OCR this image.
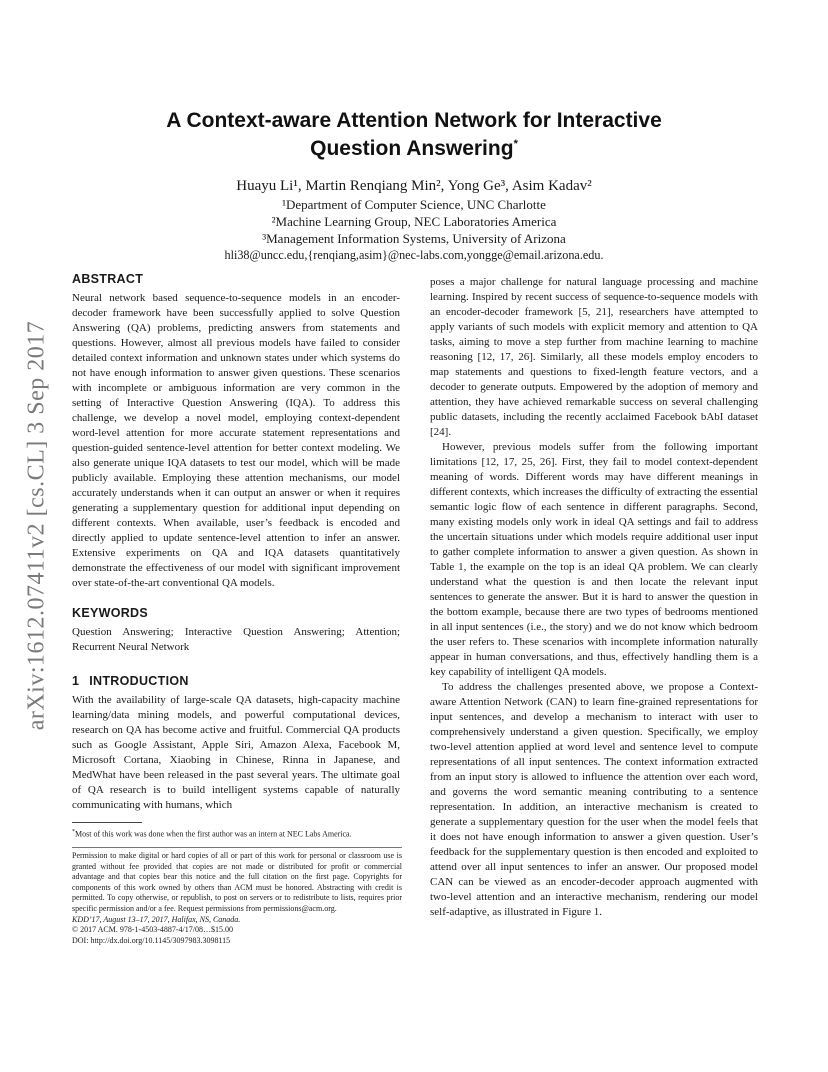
arXiv:1612.07411v2 [cs.CL] 3 Sep 2017
A Context-aware Attention Network for Interactive
Question Answering*
Huayu Li¹, Martin Renqiang Min², Yong Ge³, Asim Kadav²
¹Department of Computer Science, UNC Charlotte
²Machine Learning Group, NEC Laboratories America
³Management Information Systems, University of Arizona
hli38@uncc.edu,{renqiang,asim}@nec-labs.com,yongge@email.arizona.edu.
ABSTRACT

Neural network based sequence-to-sequence models in an encoder-decoder framework have been successfully applied to solve Question Answering (QA) problems, predicting answers from statements and questions. However, almost all previous models have failed to consider detailed context information and unknown states under which systems do not have enough information to answer given questions. These scenarios with incomplete or ambiguous information are very common in the setting of Interactive Question Answering (IQA). To address this challenge, we develop a novel model, employing context-dependent word-level attention for more accurate statement representations and question-guided sentence-level attention for better context modeling. We also generate unique IQA datasets to test our model, which will be made publicly available. Employing these attention mechanisms, our model accurately understands when it can output an answer or when it requires generating a supplementary question for additional input depending on different contexts. When available, user’s feedback is encoded and directly applied to update sentence-level attention to infer an answer. Extensive experiments on QA and IQA datasets quantitatively demonstrate the effectiveness of our model with significant improvement over state-of-the-art conventional QA models.

KEYWORDS

Question Answering; Interactive Question Answering; Attention; Recurrent Neural Network

1 INTRODUCTION

With the availability of large-scale QA datasets, high-capacity machine learning/data mining models, and powerful computational devices, research on QA has become active and fruitful. Commercial QA products such as Google Assistant, Apple Siri, Amazon Alexa, Facebook M, Microsoft Cortana, Xiaobing in Chinese, Rinna in Japanese, and MedWhat have been released in the past several years. The ultimate goal of QA research is to build intelligent systems capable of naturally communicating with humans, which

*Most of this work was done when the first author was an intern at NEC Labs America.
Permission to make digital or hard copies of all or part of this work for personal or classroom use is granted without fee provided that copies are not made or distributed for profit or commercial advantage and that copies bear this notice and the full citation on the first page. Copyrights for components of this work owned by others than ACM must be honored. Abstracting with credit is permitted. To copy otherwise, or republish, to post on servers or to redistribute to lists, requires prior specific permission and/or a fee. Request permissions from permissions@acm.org.
KDD’17, August 13–17, 2017, Halifax, NS, Canada.
© 2017 ACM. 978-1-4503-4887-4/17/08…$15.00
DOI: http://dx.doi.org/10.1145/3097983.3098115

poses a major challenge for natural language processing and machine learning. Inspired by recent success of sequence-to-sequence models with an encoder-decoder framework [5, 21], researchers have attempted to apply variants of such models with explicit memory and attention to QA tasks, aiming to move a step further from machine learning to machine reasoning [12, 17, 26]. Similarly, all these models employ encoders to map statements and questions to fixed-length feature vectors, and a decoder to generate outputs. Empowered by the adoption of memory and attention, they have achieved remarkable success on several challenging public datasets, including the recently acclaimed Facebook bAbI dataset [24].

However, previous models suffer from the following important limitations [12, 17, 25, 26]. First, they fail to model context-dependent meaning of words. Different words may have different meanings in different contexts, which increases the difficulty of extracting the essential semantic logic flow of each sentence in different paragraphs. Second, many existing models only work in ideal QA settings and fail to address the uncertain situations under which models require additional user input to gather complete information to answer a given question. As shown in Table 1, the example on the top is an ideal QA problem. We can clearly understand what the question is and then locate the relevant input sentences to generate the answer. But it is hard to answer the question in the bottom example, because there are two types of bedrooms mentioned in all input sentences (i.e., the story) and we do not know which bedroom the user refers to. These scenarios with incomplete information naturally appear in human conversations, and thus, effectively handling them is a key capability of intelligent QA models.

To address the challenges presented above, we propose a Context-aware Attention Network (CAN) to learn fine-grained representations for input sentences, and develop a mechanism to interact with user to comprehensively understand a given question. Specifically, we employ two-level attention applied at word level and sentence level to compute representations of all input sentences. The context information extracted from an input story is allowed to influence the attention over each word, and governs the word semantic meaning contributing to a sentence representation. In addition, an interactive mechanism is created to generate a supplementary question for the user when the model feels that it does not have enough information to answer a given question. User’s feedback for the supplementary question is then encoded and exploited to attend over all input sentences to infer an answer. Our proposed model CAN can be viewed as an encoder-decoder approach augmented with two-level attention and an interactive mechanism, rendering our model self-adaptive, as illustrated in Figure 1.
